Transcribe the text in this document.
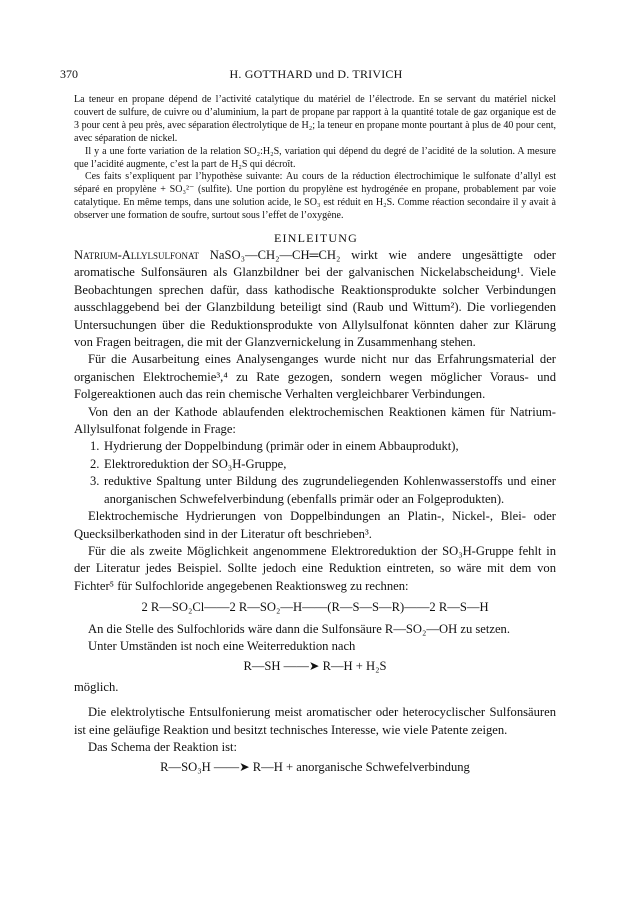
370	H. GOTTHARD und D. TRIVICH

La teneur en propane dépend de l’activité catalytique du matériel de l’électrode. En se servant du matériel nickel couvert de sulfure, de cuivre ou d’aluminium, la part de propane par rapport à la quantité totale de gaz organique est de 3 pour cent à peu près, avec séparation électrolytique de H₂; la teneur en propane monte pourtant à plus de 40 pour cent, avec séparation de nickel.

Il y a une forte variation de la relation SO₂:H₂S, variation qui dépend du degré de l’acidité de la solution. A mesure que l’acidité augmente, c’est la part de H₂S qui décroît.

Ces faits s’expliquent par l’hypothèse suivante: Au cours de la réduction électrochimique le sulfonate d’allyl est séparé en propylène + SO₃²⁻ (sulfite). Une portion du propylène est hydrogénée en propane, probablement par voie catalytique. En même temps, dans une solution acide, le SO₃ est réduit en H₂S. Comme réaction secondaire il y avait à observer une formation de soufre, surtout sous l’effet de l’oxygène.

EINLEITUNG

Natrium-Allylsulfonat NaSO₃—CH₂—CH═CH₂ wirkt wie andere ungesättigte oder aromatische Sulfonsäuren als Glanzbildner bei der galvanischen Nickelabscheidung¹. Viele Beobachtungen sprechen dafür, dass kathodische Reaktionsprodukte solcher Verbindungen ausschlaggebend bei der Glanzbildung beteiligt sind (Raub und Wittum²). Die vorliegenden Untersuchungen über die Reduktionsprodukte von Allylsulfonat könnten daher zur Klärung von Fragen beitragen, die mit der Glanzvernickelung in Zusammenhang stehen.

Für die Ausarbeitung eines Analysenganges wurde nicht nur das Erfahrungsmaterial der organischen Elektrochemie³,⁴ zu Rate gezogen, sondern wegen möglicher Voraus- und Folgereaktionen auch das rein chemische Verhalten vergleichbarer Verbindungen.

Von den an der Kathode ablaufenden elektrochemischen Reaktionen kämen für Natrium-Allylsulfonat folgende in Frage:

1. Hydrierung der Doppelbindung (primär oder in einem Abbauprodukt),
2. Elektroreduktion der SO₃H-Gruppe,
3. reduktive Spaltung unter Bildung des zugrundeliegenden Kohlenwasserstoffs und einer anorganischen Schwefelverbindung (ebenfalls primär oder an Folgeprodukten).

Elektrochemische Hydrierungen von Doppelbindungen an Platin-, Nickel-, Blei- oder Quecksilberkathoden sind in der Literatur oft beschrieben³.

Für die als zweite Möglichkeit angenommene Elektroreduktion der SO₃H-Gruppe fehlt in der Literatur jedes Beispiel. Sollte jedoch eine Reduktion eintreten, so wäre mit dem von Fichter⁵ für Sulfochloride angegebenen Reaktionsweg zu rechnen:

2 R—SO₂Cl——2 R—SO₂—H——(R—S—S—R)——2 R—S—H

An die Stelle des Sulfochlorids wäre dann die Sulfonsäure R—SO₂—OH zu setzen.

Unter Umständen ist noch eine Weiterreduktion nach

R—SH ——➤ R—H + H₂S

möglich.

Die elektrolytische Entsulfonierung meist aromatischer oder heterocyclischer Sulfonsäuren ist eine geläufige Reaktion und besitzt technisches Interesse, wie viele Patente zeigen.

Das Schema der Reaktion ist:

R—SO₃H ——➤ R—H + anorganische Schwefelverbindung
